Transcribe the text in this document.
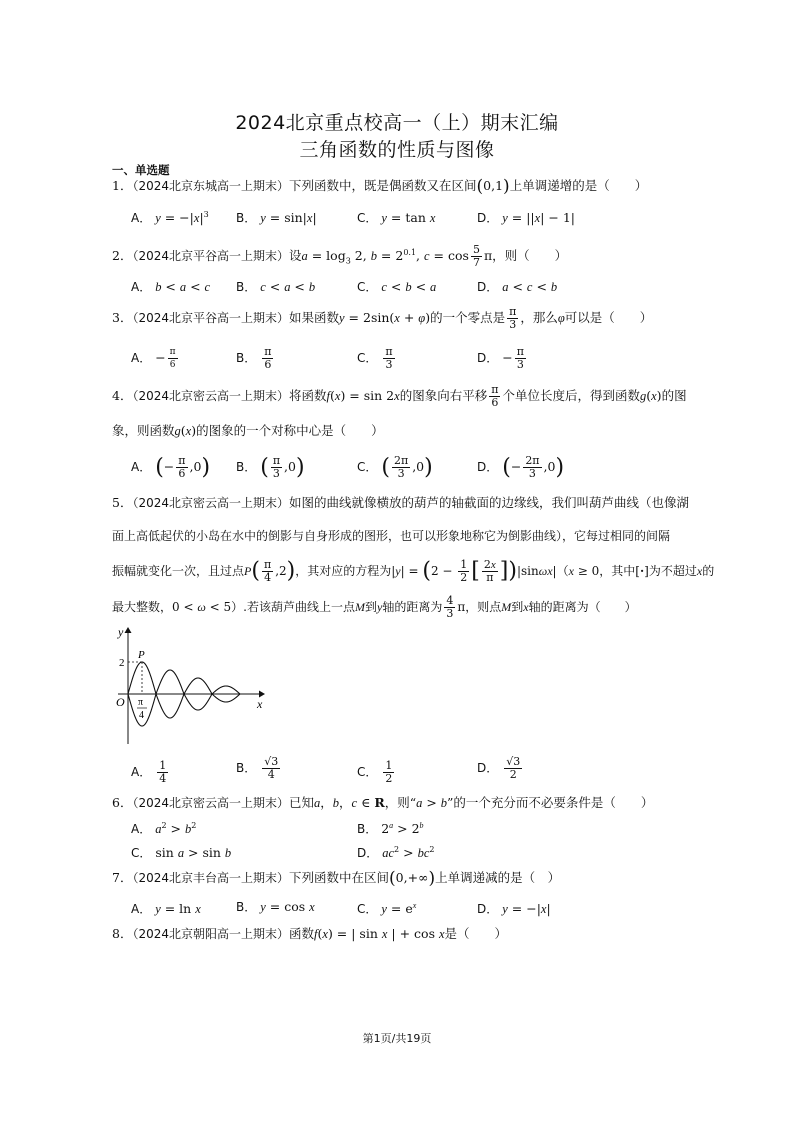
2024北京重点校高一（上）期末汇编
三角函数的性质与图像
一、单选题
1．（2024北京东城高一上期末）下列函数中，既是偶函数又在区间(0,1)上单调递增的是（　　）
A． $y = -|x|^3$ B． y = sin|x|	C． y = tan x	D． y = ||x| − 1|
2．（2024北京平谷高一上期末）设$a = \log_3 2$, $b = 2^{0.1}$, $c = \cos \frac{5}{7}$ π，则（　　）
A． b < a < c B． c < a < b	C． c < b < a	D． a < c < b
3．（2024北京平谷高一上期末）如果函数y = 2sin(x + φ)的一个零点是 $\frac{\pi}{3}$ ，那么φ可以是（　　）
A． − $\frac{\pi}{6}$	B． $\frac{\pi}{6}$	C． $\frac{\pi}{3}$	D． − $\frac{\pi}{3}$
4．（2024北京密云高一上期末）将函数f(x) = sin 2x的图象向右平移 $\frac{\pi}{6}$ 个单位长度后，得到函数g(x)的图
象，则函数g(x)的图象的一个对称中心是（　　）
A． (− $\frac{\pi}{6} ,0$) B． ( $\frac{\pi}{3} ,0$)	C． ( $\frac{2\pi}{3} ,0$)	D． (− $\frac{2\pi}{3} ,0$)
5．（2024北京密云高一上期末）如图的曲线就像横放的葫芦的轴截面的边缘线，我们叫葫芦曲线（也像湖
面上高低起伏的小岛在水中的倒影与自身形成的图形，也可以形象地称它为倒影曲线），它每过相同的间隔
振幅就变化一次，且过点$P( \frac{\pi}{4} ,2)$，其对应的方程为$|y| = (2 - \frac{1}{2}$ [ $\frac{2x}{\pi} ])|\sin\omega x|(x \ge 0$，其中[·]为不超过x的
最大整数，0 < ω < 5）.若该葫芦曲线上一点M到y轴的距离为 $\frac{4}{3}$ π，则点M到x轴的距离为（　　）
y
x
O
P
2
π
4
A． $\frac{1}{4}$	B． $\frac{√3}{4}$	C． $\frac{1}{2}$	D． $\frac{√3}{2}$
6．（2024北京密云高一上期末）已知a，b，c ∈ R，则“a > b”的一个充分而不必要条件是（　　）
A． $a^2 > b^2$	B． $2^a > 2^b$
C． sin a > sin b	D． $ac^2 > bc^2$
7．（2024北京丰台高一上期末）下列函数中在区间(0,+∞)上单调递减的是（　）
A． y = ln x	B． y = cos x	C． $y = e^x$	D． y = −|x|
8．（2024北京朝阳高一上期末）函数f(x) = | sin x | + cos x是（　　）
第1页/共19页
